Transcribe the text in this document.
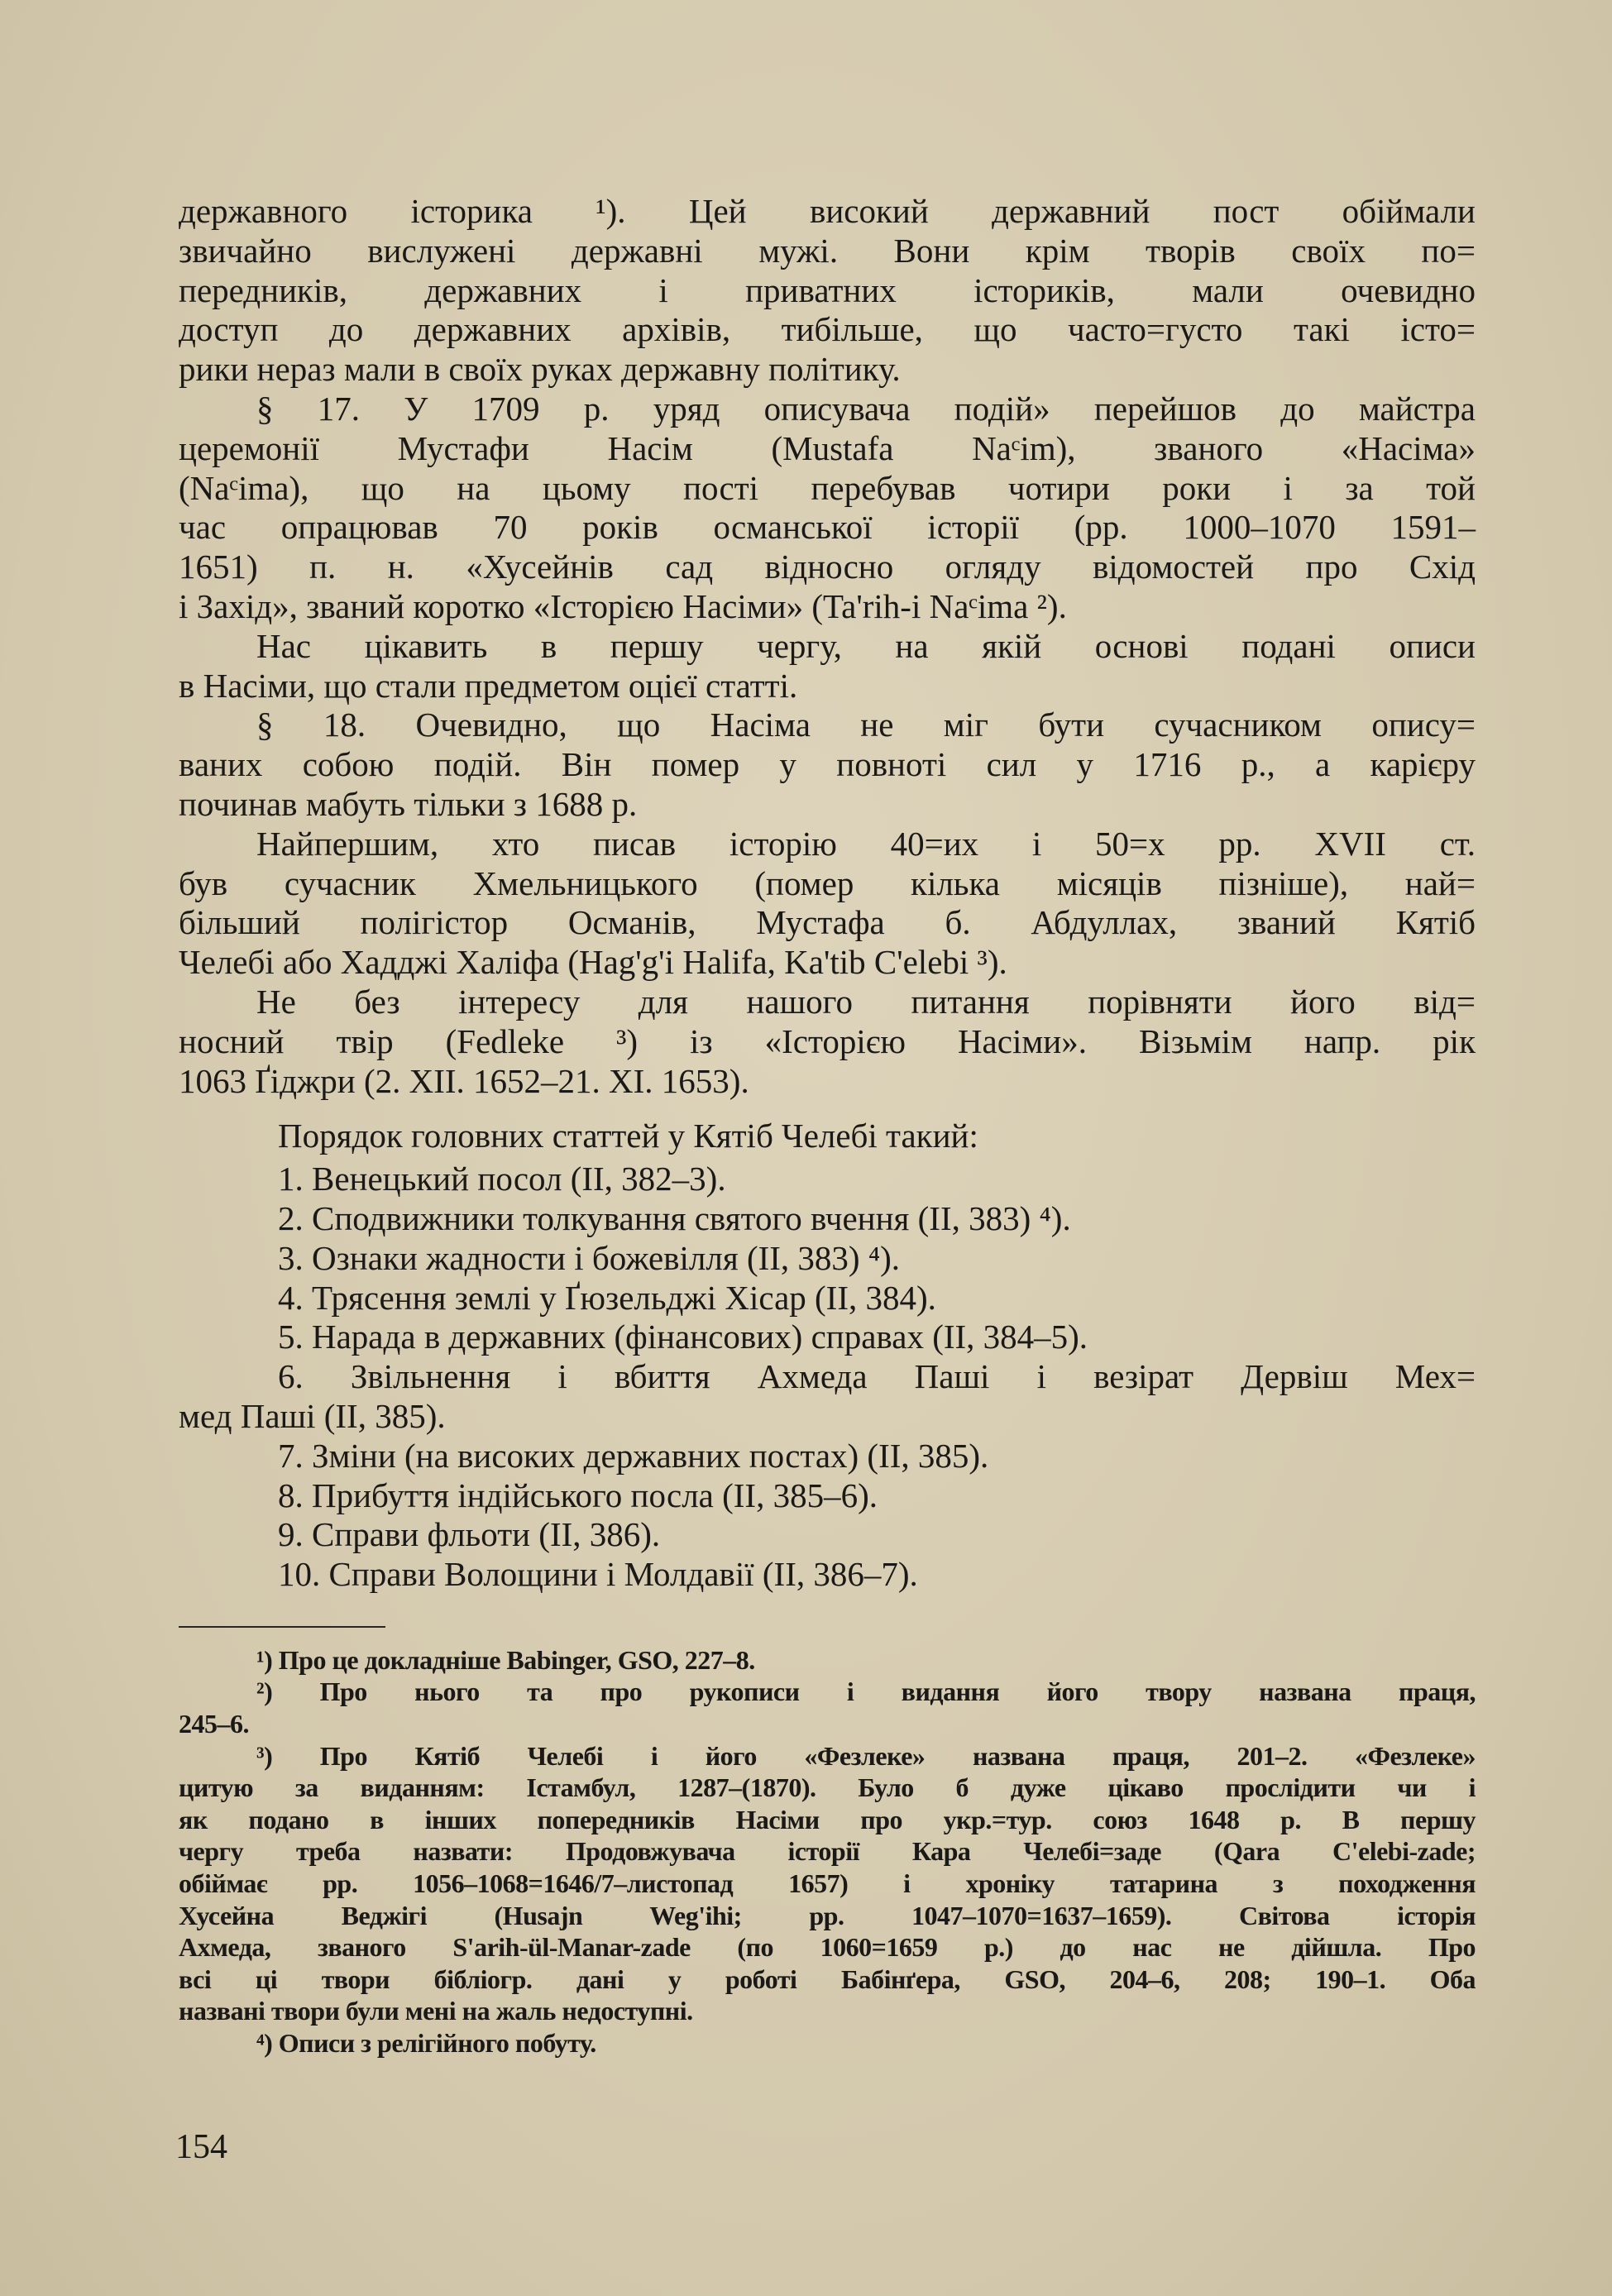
державного історика ¹). Цей високий державний пост обіймали
звичайно вислужені державні мужі. Вони крім творів своїх по=
передників, державних і приватних істориків, мали очевидно
доступ до державних архівів, тибільше, що часто=густо такі істо=
рики нераз мали в своїх руках державну політику.
§ 17. У 1709 р. уряд описувача подій» перейшов до майстра
церемонії Мустафи Насім (Mustafa Naᶜim), званого «Насіма»
(Naᶜima), що на цьому пості перебував чотири роки і за той
час опрацював 70 років османської історії (рр. 1000–1070 1591–
1651) п. н. «Хусейнів сад відносно огляду відомостей про Схід
і Захід», званий коротко «Історією Насіми» (Ta'rih-i Naᶜima ²).
Нас цікавить в першу чергу, на якій основі подані описи
в Насіми, що стали предметом оцієї статті.
§ 18. Очевидно, що Насіма не міг бути сучасником опису=
ваних собою подій. Він помер у повноті сил у 1716 р., а карієру
починав мабуть тільки з 1688 р.
Найпершим, хто писав історію 40=их і 50=х рр. XVII ст.
був сучасник Хмельницького (помер кілька місяців пізніше), най=
більший полігістор Османів, Мустафа б. Абдуллах, званий Кятіб
Челебі або Хадджі Халіфа (Hag'g'i Halifa, Ka'tib C'elebi ³).
Не без інтересу для нашого питання порівняти його від=
носний твір (Fedleke ³) із «Історією Насіми». Візьмім напр. рік
1063 Ґіджри (2. XII. 1652–21. XI. 1653).
Порядок головних статтей у Кятіб Челебі такий:
1. Венецький посол (II, 382–3).
2. Сподвижники толкування святого вчення (II, 383) ⁴).
3. Ознаки жадности і божевілля (II, 383) ⁴).
4. Трясення землі у Ґюзельджі Хісар (II, 384).
5. Нарада в державних (фінансових) справах (II, 384–5).
6. Звільнення і вбиття Ахмеда Паші і везірат Дервіш Мех=
мед Паші (II, 385).
7. Зміни (на високих державних постах) (II, 385).
8. Прибуття індійського посла (II, 385–6).
9. Справи фльоти (II, 386).
10. Справи Волощини і Молдавії (II, 386–7).
¹) Про це докладніше Babinger, GSO, 227–8.
²) Про нього та про рукописи і видання його твору названа праця,
245–6.
³) Про Кятіб Челебі і його «Фезлеке» названа праця, 201–2. «Фезлеке»
цитую за виданням: Істамбул, 1287–(1870). Було б дуже цікаво прослідити чи і
як подано в інших попередників Насіми про укр.=тур. союз 1648 р. В першу
чергу треба назвати: Продовжувача історії Кара Челебі=заде (Qara C'elebi-zade;
обіймає рр. 1056–1068=1646/7–листопад 1657) і хроніку татарина з походження
Хусейна Веджігі (Husajn Weg'ihi; рр. 1047–1070=1637–1659). Світова історія
Ахмеда, званого S'arih-ül-Manar-zade (по 1060=1659 р.) до нас не дійшла. Про
всі ці твори бібліогр. дані у роботі Бабінґера, GSO, 204–6, 208; 190–1. Оба
названі твори були мені на жаль недоступні.
⁴) Описи з релігійного побуту.
154
